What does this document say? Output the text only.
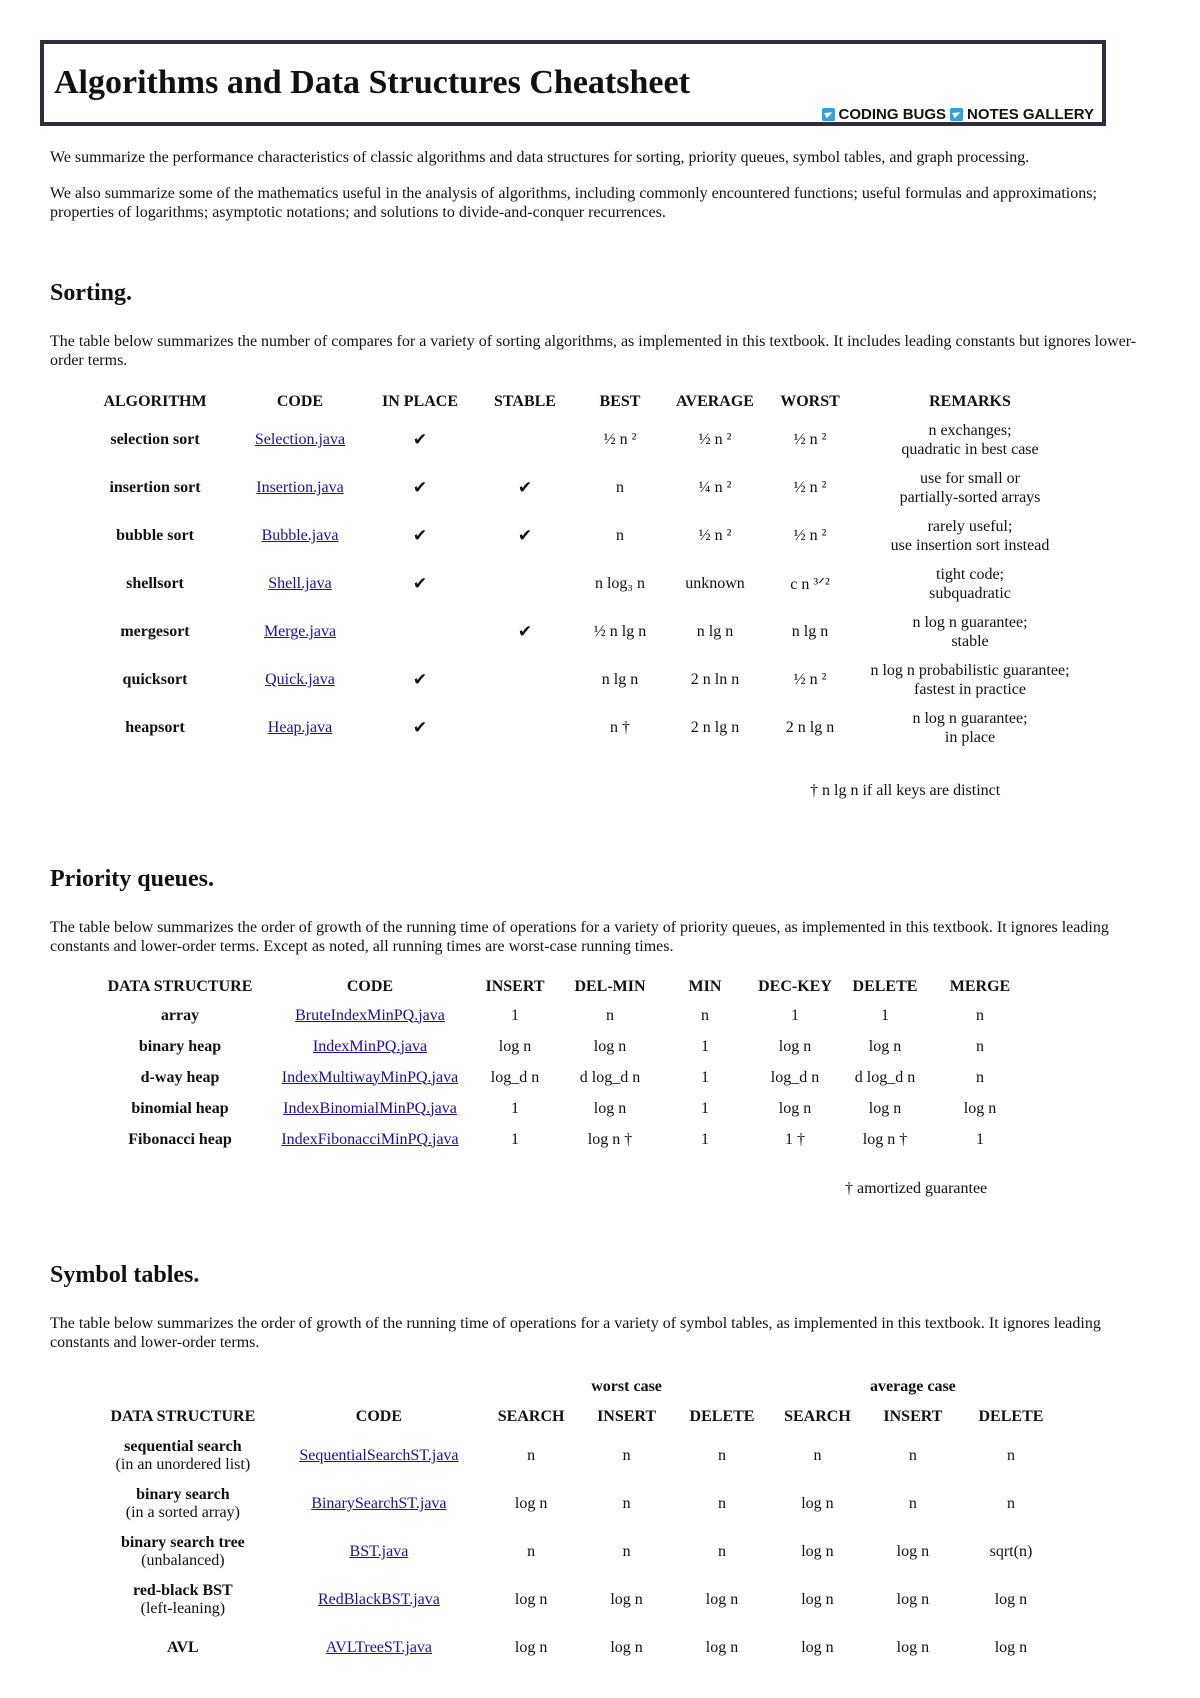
Algorithms and Data Structures Cheatsheet
CODING BUGS NOTES GALLERY

We summarize the performance characteristics of classic algorithms and data structures for sorting, priority queues, symbol tables, and graph processing.

We also summarize some of the mathematics useful in the analysis of algorithms, including commonly encountered functions; useful formulas and approximations; properties of logarithms; asymptotic notations; and solutions to divide-and-conquer recurrences.

Sorting.

The table below summarizes the number of compares for a variety of sorting algorithms, as implemented in this textbook. It includes leading constants but ignores lower-order terms.

ALGORITHM	CODE	IN PLACE	STABLE	BEST	AVERAGE	WORST	REMARKS
selection sort	Selection.java	✔		½ n ²	½ n ²	½ n ²	n exchanges;
quadratic in best case

insertion sort	Insertion.java	✔	✔	n	¼ n ²	½ n ²	use for small or
partially-sorted arrays

bubble sort	Bubble.java	✔	✔	n	½ n ²	½ n ²	rarely useful;
use insertion sort instead

shellsort	Shell.java	✔		n log₃ n	unknown	c n ³ᐟ²	tight code;
subquadratic

mergesort	Merge.java		✔	½ n lg n	n lg n	n lg n	n log n guarantee;
stable

quicksort	Quick.java	✔		n lg n	2 n ln n	½ n ²	n log n probabilistic guarantee;
fastest in practice

heapsort	Heap.java	✔		n †	2 n lg n	2 n lg n	n log n guarantee;
in place
† n lg n if all keys are distinct
Priority queues.

The table below summarizes the order of growth of the running time of operations for a variety of priority queues, as implemented in this textbook. It ignores leading constants and lower-order terms. Except as noted, all running times are worst-case running times.

DATA STRUCTURE	CODE	INSERT	DEL-MIN	MIN	DEC-KEY	DELETE	MERGE
array	BruteIndexMinPQ.java	1	n	n	1	1	n
binary heap	IndexMinPQ.java	log n	log n	1	log n	log n	n
d-way heap	IndexMultiwayMinPQ.java	log_d n	d log_d n	1	log_d n	d log_d n	n
binomial heap	IndexBinomialMinPQ.java	1	log n	1	log n	log n	log n
Fibonacci heap	IndexFibonacciMinPQ.java	1	log n †	1	1 †	log n †	1
† amortized guarantee
Symbol tables.

The table below summarizes the order of growth of the running time of operations for a variety of symbol tables, as implemented in this textbook. It ignores leading constants and lower-order terms.

			worst case			average case	
DATA STRUCTURE	CODE	SEARCH	INSERT	DELETE	SEARCH	INSERT	DELETE

sequential search
(in an unordered list)	SequentialSearchST.java	n	n	n	n	n	n

binary search
(in a sorted array)	BinarySearchST.java	log n	n	n	log n	n	n

binary search tree
(unbalanced)	BST.java	n	n	n	log n	log n	sqrt(n)

red-black BST
(left-leaning)	RedBlackBST.java	log n	log n	log n	log n	log n	log n

AVL	AVLTreeST.java	log n	log n	log n	log n	log n	log n
